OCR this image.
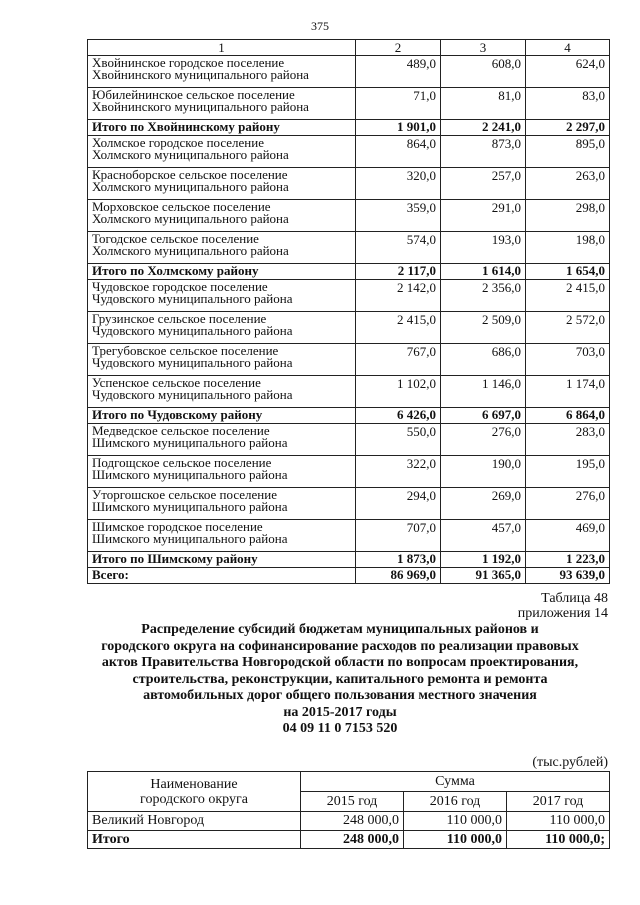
375
1	2	3	4

Хвойнинское городское поселение
Хвойнинского муниципального района	489,0	608,0	624,0

Юбилейнинское сельское поселение
Хвойнинского муниципального района	71,0	81,0	83,0

Итого по Хвойнинскому району	1 901,0	2 241,0	2 297,0

Холмское городское поселение
Холмского муниципального района	864,0	873,0	895,0

Красноборское сельское поселение
Холмского муниципального района	320,0	257,0	263,0

Морховское сельское поселение
Холмского муниципального района	359,0	291,0	298,0

Тогодское сельское поселение
Холмского муниципального района	574,0	193,0	198,0

Итого по Холмскому району	2 117,0	1 614,0	1 654,0

Чудовское городское поселение
Чудовского муниципального района	2 142,0	2 356,0	2 415,0

Грузинское сельское поселение
Чудовского муниципального района	2 415,0	2 509,0	2 572,0

Трегубовское сельское поселение
Чудовского муниципального района	767,0	686,0	703,0

Успенское сельское поселение
Чудовского муниципального района	1 102,0	1 146,0	1 174,0

Итого по Чудовскому району	6 426,0	6 697,0	6 864,0

Медведское сельское поселение
Шимского муниципального района	550,0	276,0	283,0

Подгощское сельское поселение
Шимского муниципального района	322,0	190,0	195,0

Уторгошское сельское поселение
Шимского муниципального района	294,0	269,0	276,0

Шимское городское поселение
Шимского муниципального района	707,0	457,0	469,0

Итого по Шимскому району	1 873,0	1 192,0	1 223,0

Всего:	86 969,0	91 365,0	93 639,0
Таблица 48
приложения 14
Распределение субсидий бюджетам муниципальных районов и
городского округа на софинансирование расходов по реализации правовых
актов Правительства Новгородской области по вопросам проектирования,
строительства, реконструкции, капитального ремонта и ремонта
автомобильных дорог общего пользования местного значения
на 2015-2017 годы
04 09 11 0 7153 520
(тыс.рублей)
Наименование
городского округа	Сумма		
	2015 год	2016 год	2017 год
Великий Новгород	248 000,0	110 000,0	110 000,0
Итого	248 000,0	110 000,0	110 000,0;
